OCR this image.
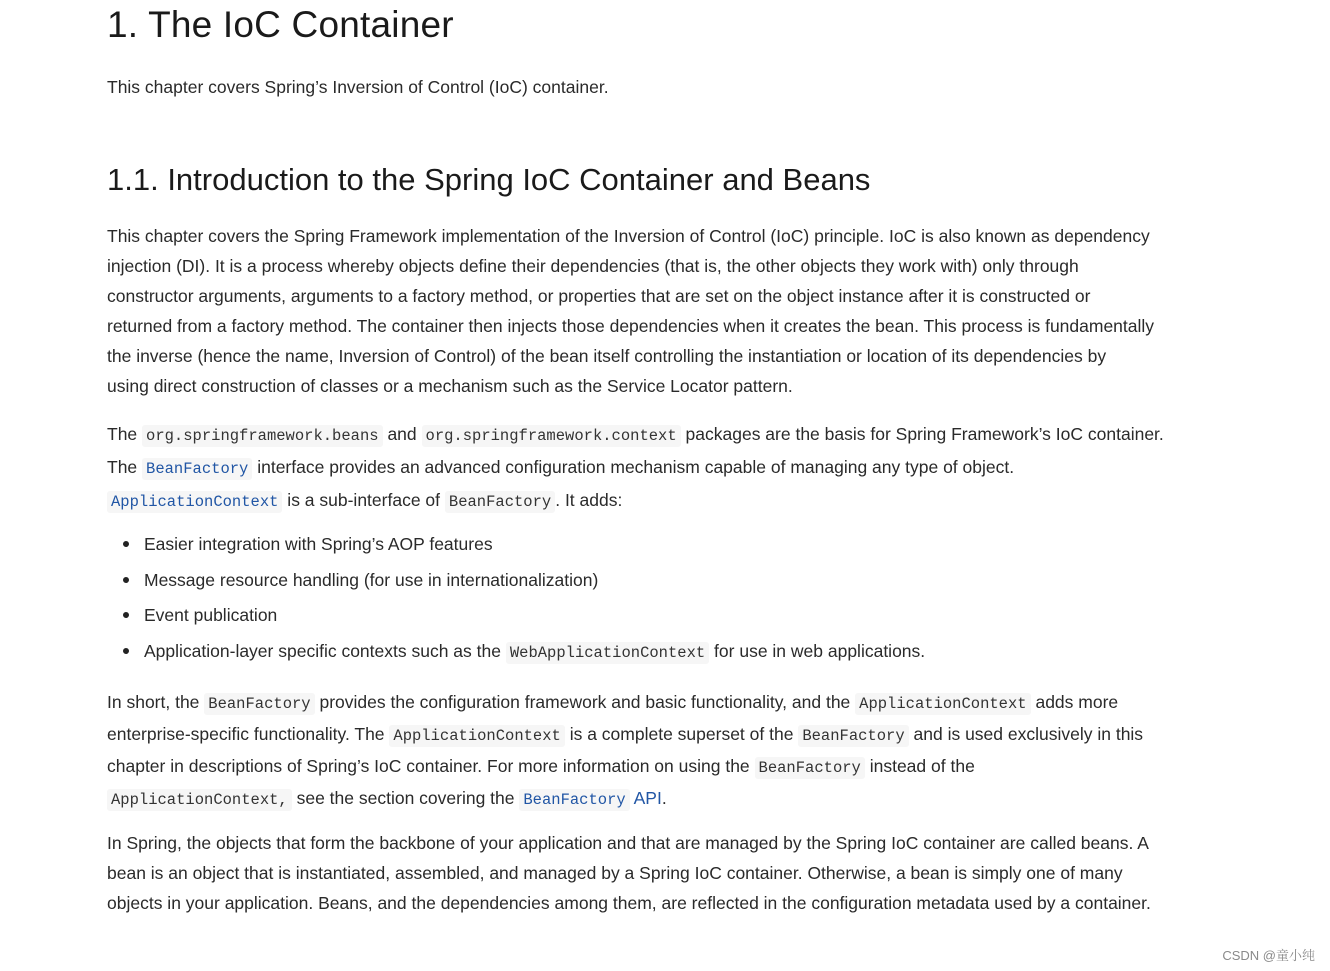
1. The IoC Container
This chapter covers Spring’s Inversion of Control (IoC) container.
1.1. Introduction to the Spring IoC Container and Beans
This chapter covers the Spring Framework implementation of the Inversion of Control (IoC) principle. IoC is also known as dependency
injection (DI). It is a process whereby objects define their dependencies (that is, the other objects they work with) only through
constructor arguments, arguments to a factory method, or properties that are set on the object instance after it is constructed or
returned from a factory method. The container then injects those dependencies when it creates the bean. This process is fundamentally
the inverse (hence the name, Inversion of Control) of the bean itself controlling the instantiation or location of its dependencies by
using direct construction of classes or a mechanism such as the Service Locator pattern.
The org.springframework.beans and org.springframework.context packages are the basis for Spring Framework’s IoC container.
The BeanFactory interface provides an advanced configuration mechanism capable of managing any type of object.
ApplicationContext is a sub-interface of BeanFactory . It adds:
Easier integration with Spring’s AOP features
Message resource handling (for use in internationalization)
Event publication
Application-layer specific contexts such as the WebApplicationContext for use in web applications.
In short, the BeanFactory provides the configuration framework and basic functionality, and the ApplicationContext adds more
enterprise-specific functionality. The ApplicationContext is a complete superset of the BeanFactory and is used exclusively in this
chapter in descriptions of Spring’s IoC container. For more information on using the BeanFactory instead of the
ApplicationContext, see the section covering the BeanFactory API.
In Spring, the objects that form the backbone of your application and that are managed by the Spring IoC container are called beans. A
bean is an object that is instantiated, assembled, and managed by a Spring IoC container. Otherwise, a bean is simply one of many
objects in your application. Beans, and the dependencies among them, are reflected in the configuration metadata used by a container.
CSDN @童小纯
